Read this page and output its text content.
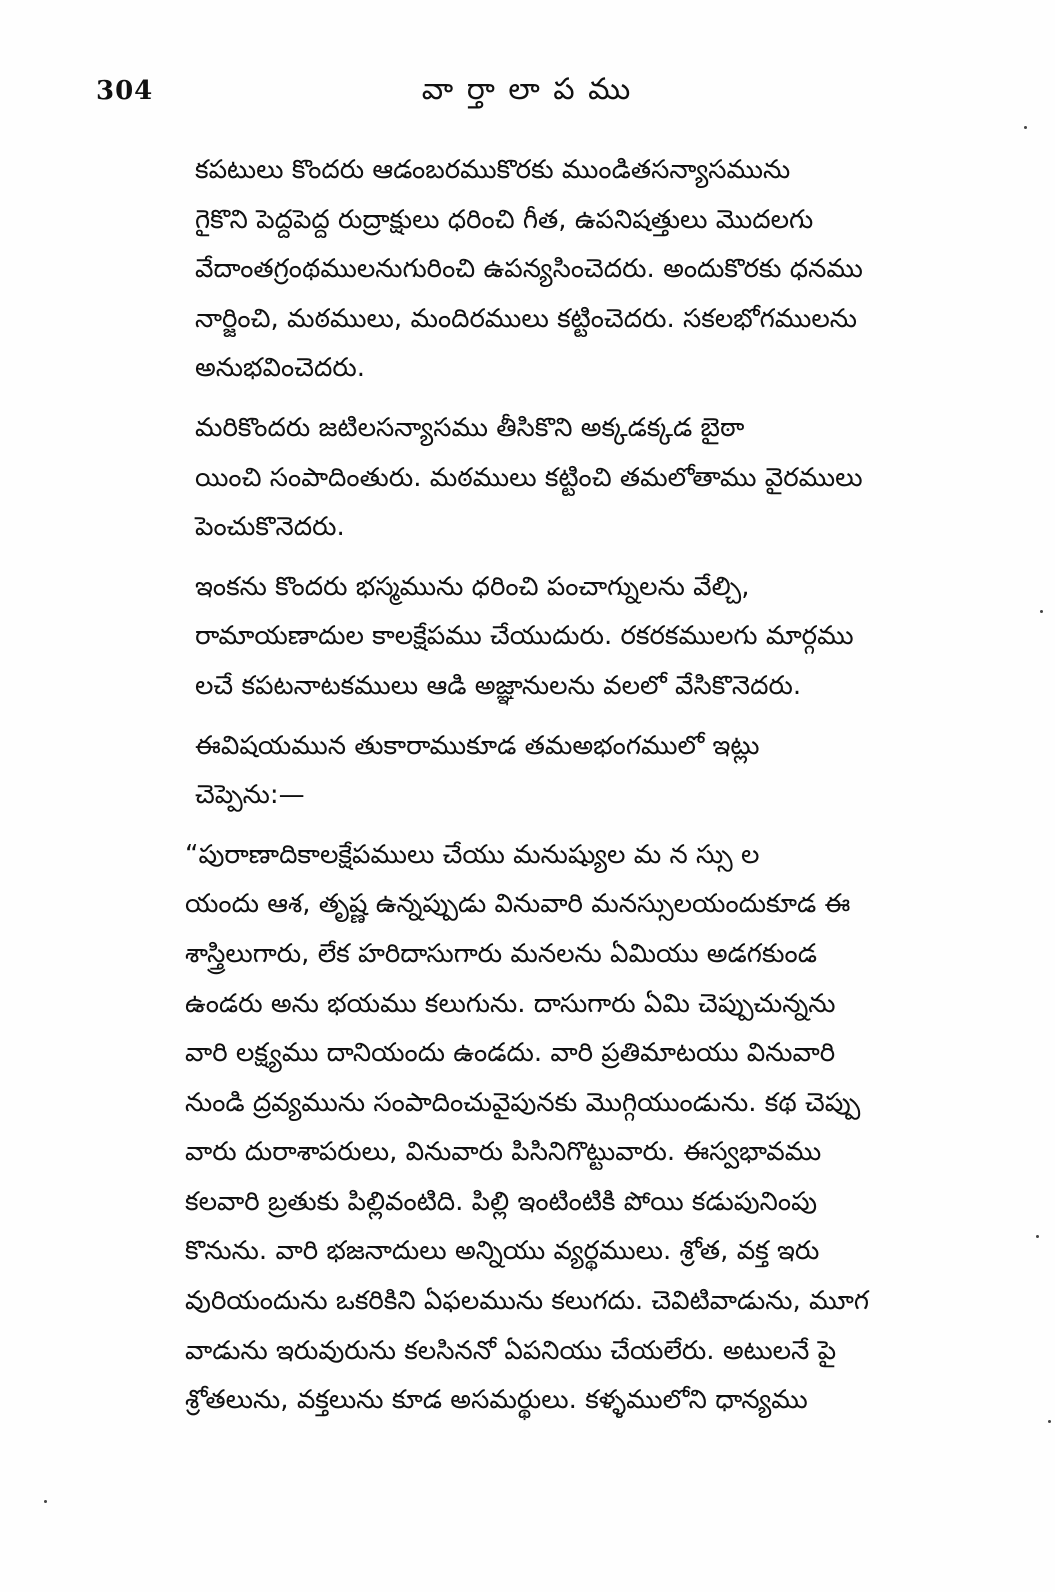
304	వా ర్తా లా ప ము

కపటులు కొందరు ఆడంబరముకొరకు ముండితసన్యాసమును
గైకొని పెద్దపెద్ద రుద్రాక్షులు ధరించి గీత, ఉపనిషత్తులు మొదలగు
వేదాంతగ్రంథములనుగురించి ఉపన్యసించెదరు. అందుకొరకు ధనము
నార్జించి, మఠములు, మందిరములు కట్టించెదరు. సకలభోగములను
అనుభవించెదరు.

మరికొందరు జటిలసన్యాసము తీసికొని అక్కడక్కడ బైఠా
యించి సంపాదింతురు. మఠములు కట్టించి తమలోతాము వైరములు
పెంచుకొనెదరు.

ఇంకను కొందరు భస్మమును ధరించి పంచాగ్నులను వేల్చి,
రామాయణాదుల కాలక్షేపము చేయుదురు. రకరకములగు మార్గము
లచే కపటనాటకములు ఆడి అజ్ఞానులను వలలో వేసికొనెదరు.

ఈవిషయమున తుకారాముకూడ తమఅభంగములో ఇట్లు
చెప్పెను:—

“పురాణాదికాలక్షేపములు చేయు మనుష్యుల మ న స్సు ల
యందు ఆశ, తృష్ణ ఉన్నప్పుడు వినువారి మనస్సులయందుకూడ ఈ
శాస్త్రిలుగారు, లేక హరిదాసుగారు మనలను ఏమియు అడగకుండ
ఉండరు అను భయము కలుగును. దాసుగారు ఏమి చెప్పుచున్నను
వారి లక్ష్యము దానియందు ఉండదు. వారి ప్రతిమాటయు వినువారి
నుండి ద్రవ్యమును సంపాదించువైపునకు మొగ్గియుండును. కథ చెప్పు
వారు దురాశాపరులు, వినువారు పిసినిగొట్టువారు. ఈస్వభావము
కలవారి బ్రతుకు పిల్లివంటిది. పిల్లి ఇంటింటికి పోయి కడుపునింపు
కొనును. వారి భజనాదులు అన్నియు వ్యర్థములు. శ్రోత, వక్త ఇరు
వురియందును ఒకరికిని ఏఫలమును కలుగదు. చెవిటివాడును, మూగ
వాడును ఇరువురును కలసిననో ఏపనియు చేయలేరు. అటులనే పై
శ్రోతలును, వక్తలును కూడ అసమర్థులు. కళ్ళములోని ధాన్యము
